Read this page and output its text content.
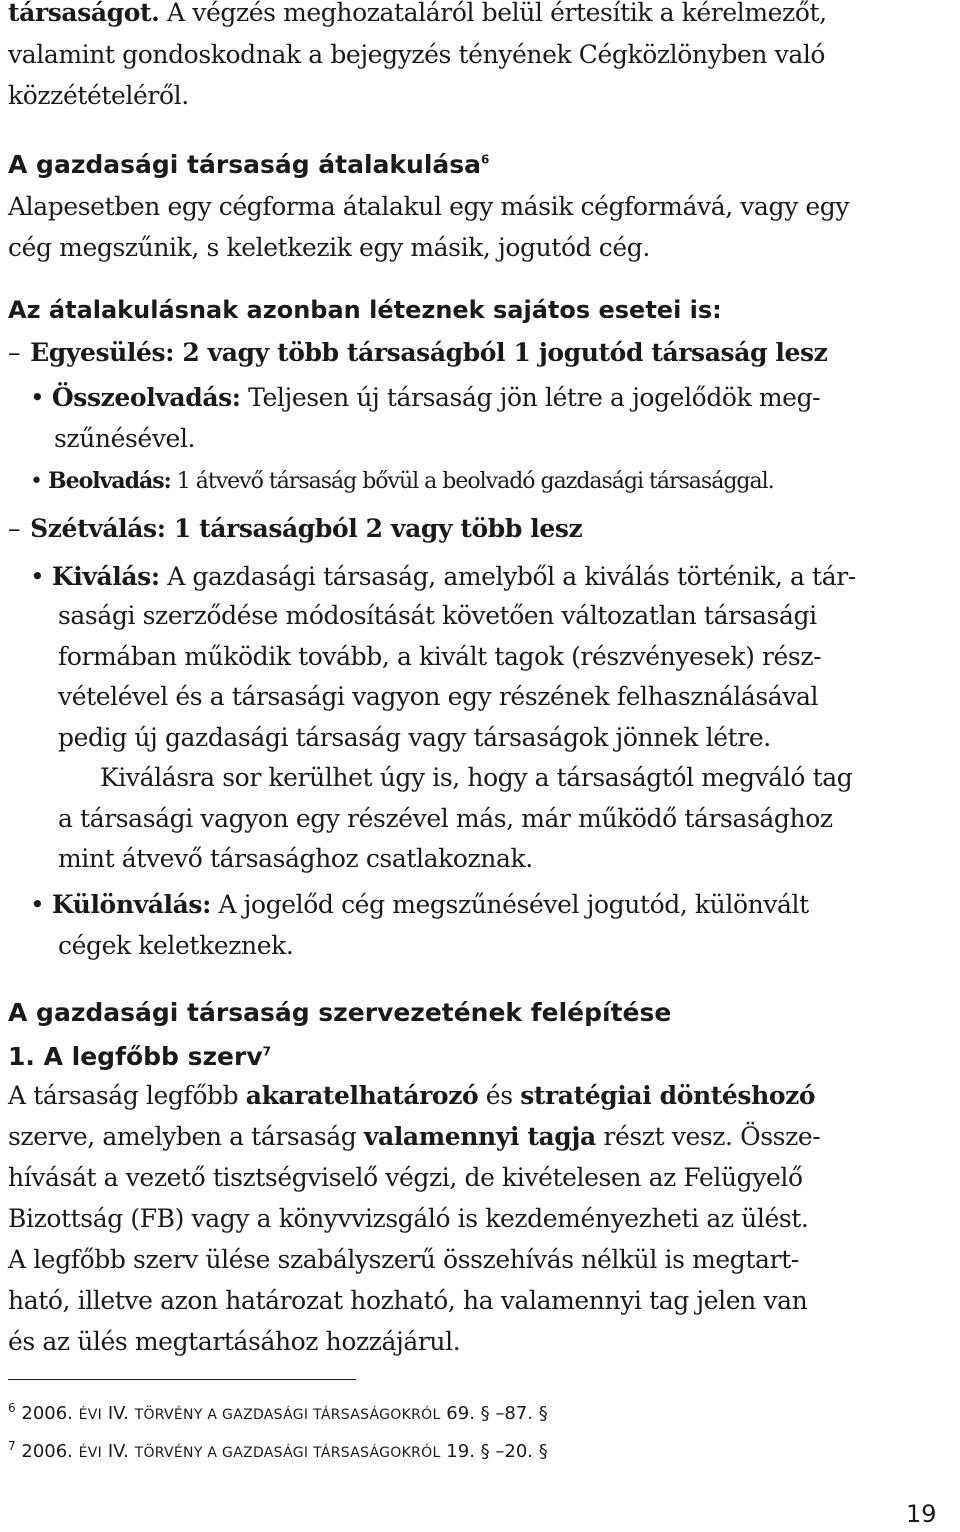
társaságot. A végzés meghozataláról belül értesítik a kérelmezőt,

valamint gondoskodnak a bejegyzés tényének Cégközlönyben való

közzétételéről.

A gazdasági társaság átalakulása$^6$

Alapesetben egy cégforma átalakul egy másik cégformává, vagy egy

cég megszűnik, s keletkezik egy másik, jogutód cég.

Az átalakulásnak azonban léteznek sajátos esetei is:

– Egyesülés: 2 vagy több társaságból 1 jogutód társaság lesz

• Összeolvadás: Teljesen új társaság jön létre a jogelődök meg-

szűnésével.

• Beolvadás: 1 átvevő társaság bővül a beolvadó gazdasági társasággal.

– Szétválás: 1 társaságból 2 vagy több lesz

• Kiválás: A gazdasági társaság, amelyből a kiválás történik, a tár-

sasági szerződése módosítását követően változatlan társasági

formában működik tovább, a kivált tagok (részvényesek) rész-

vételével és a társasági vagyon egy részének felhasználásával

pedig új gazdasági társaság vagy társaságok jönnek létre.

Kiválásra sor kerülhet úgy is, hogy a társaságtól megváló tag

a társasági vagyon egy részével más, már működő társasághoz

mint átvevő társasághoz csatlakoznak.

• Különválás: A jogelőd cég megszűnésével jogutód, különvált

cégek keletkeznek.

A gazdasági társaság szervezetének felépítése

1. A legfőbb szerv$^7$

A társaság legfőbb akaratelhatározó és stratégiai döntéshozó

szerve, amelyben a társaság valamennyi tagja részt vesz. Össze-

hívását a vezető tisztségviselő végzi, de kivételesen az Felügyelő

Bizottság (FB) vagy a könyvvizsgáló is kezdeményezheti az ülést.

A legfőbb szerv ülése szabályszerű összehívás nélkül is megtart-

ható, illetve azon határozat hozható, ha valamennyi tag jelen van

és az ülés megtartásához hozzájárul.

$^6$ 2006. ÉVI IV. TÖRVÉNY A GAZDASÁGI TÁRSASÁGOKRÓL 69. § –87. §
$^7$ 2006. ÉVI IV. TÖRVÉNY A GAZDASÁGI TÁRSASÁGOKRÓL 19. § –20. §
19
